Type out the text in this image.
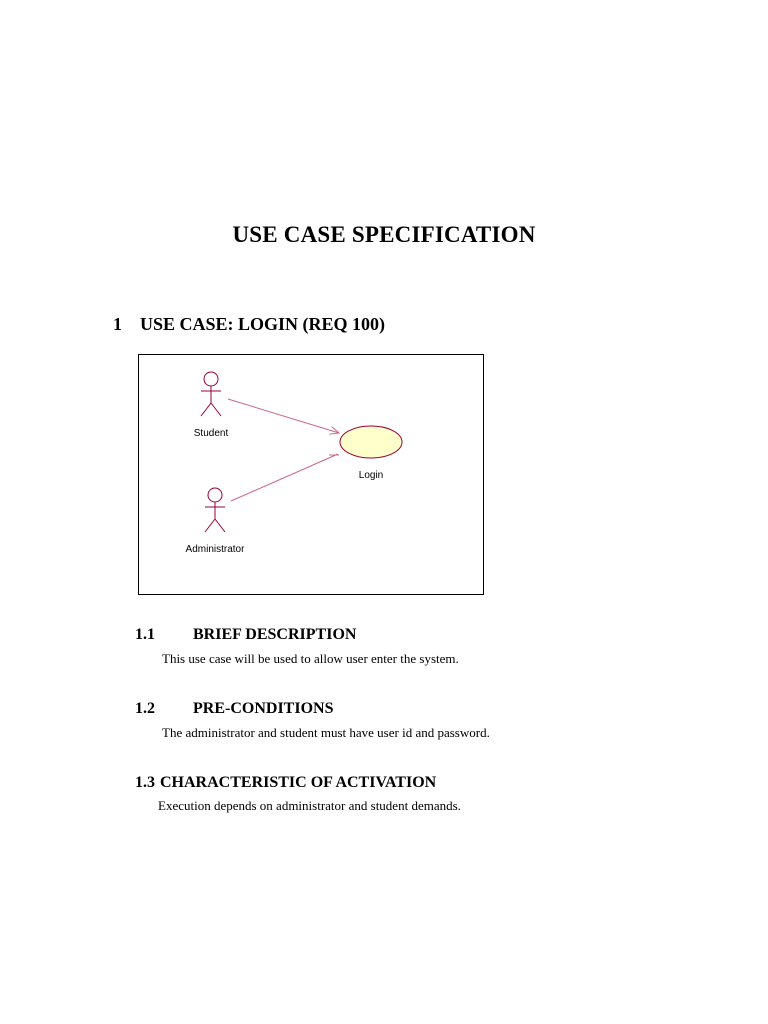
USE CASE SPECIFICATION
1 USE CASE: LOGIN (REQ 100)
Student
Administrator
Login
1.1 BRIEF DESCRIPTION
This use case will be used to allow user enter the system.
1.2 PRE-CONDITIONS
The administrator and student must have user id and password.
1.3 CHARACTERISTIC OF ACTIVATION
Execution depends on administrator and student demands.
